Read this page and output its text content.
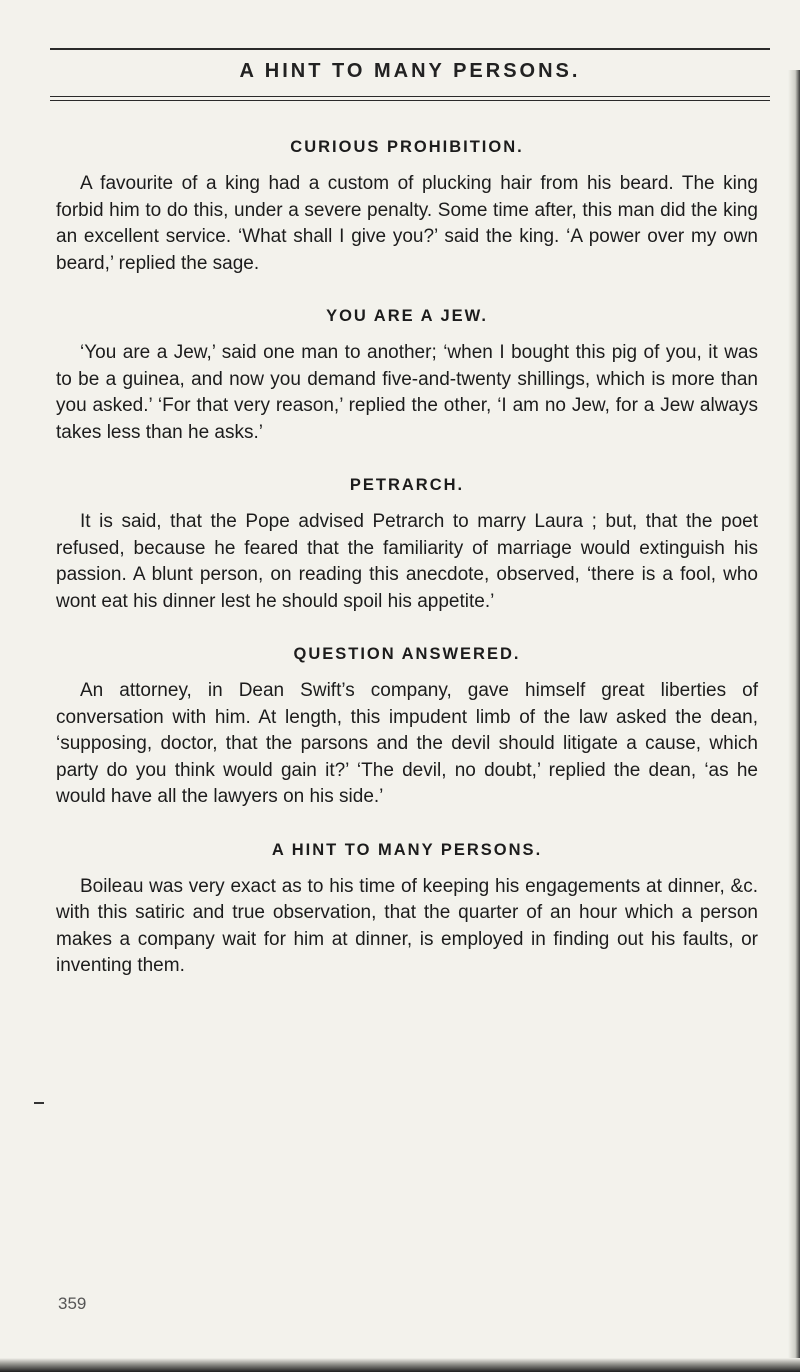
A HINT TO MANY PERSONS.
CURIOUS PROHIBITION.

A favourite of a king had a custom of plucking hair from his beard. The king forbid him to do this, under a severe penalty. Some time after, this man did the king an excellent service. ‘What shall I give you?’ said the king. ‘A power over my own beard,’ replied the sage.

YOU ARE A JEW.

‘You are a Jew,’ said one man to another; ‘when I bought this pig of you, it was to be a guinea, and now you demand five-and-twenty shillings, which is more than you asked.’ ‘For that very reason,’ replied the other, ‘I am no Jew, for a Jew always takes less than he asks.’

PETRARCH.

It is said, that the Pope advised Petrarch to marry Laura ; but, that the poet refused, because he feared that the familiarity of marriage would extinguish his passion. A blunt person, on reading this anecdote, observed, ‘there is a fool, who wont eat his dinner lest he should spoil his appetite.’

QUESTION ANSWERED.

An attorney, in Dean Swift’s company, gave himself great liberties of conversation with him. At length, this impudent limb of the law asked the dean, ‘supposing, doctor, that the parsons and the devil should litigate a cause, which party do you think would gain it?’ ‘The devil, no doubt,’ replied the dean, ‘as he would have all the lawyers on his side.’

A HINT TO MANY PERSONS.

Boileau was very exact as to his time of keeping his engagements at dinner, &c. with this satiric and true observation, that the quarter of an hour which a person makes a company wait for him at dinner, is employed in finding out his faults, or inventing them.

359
